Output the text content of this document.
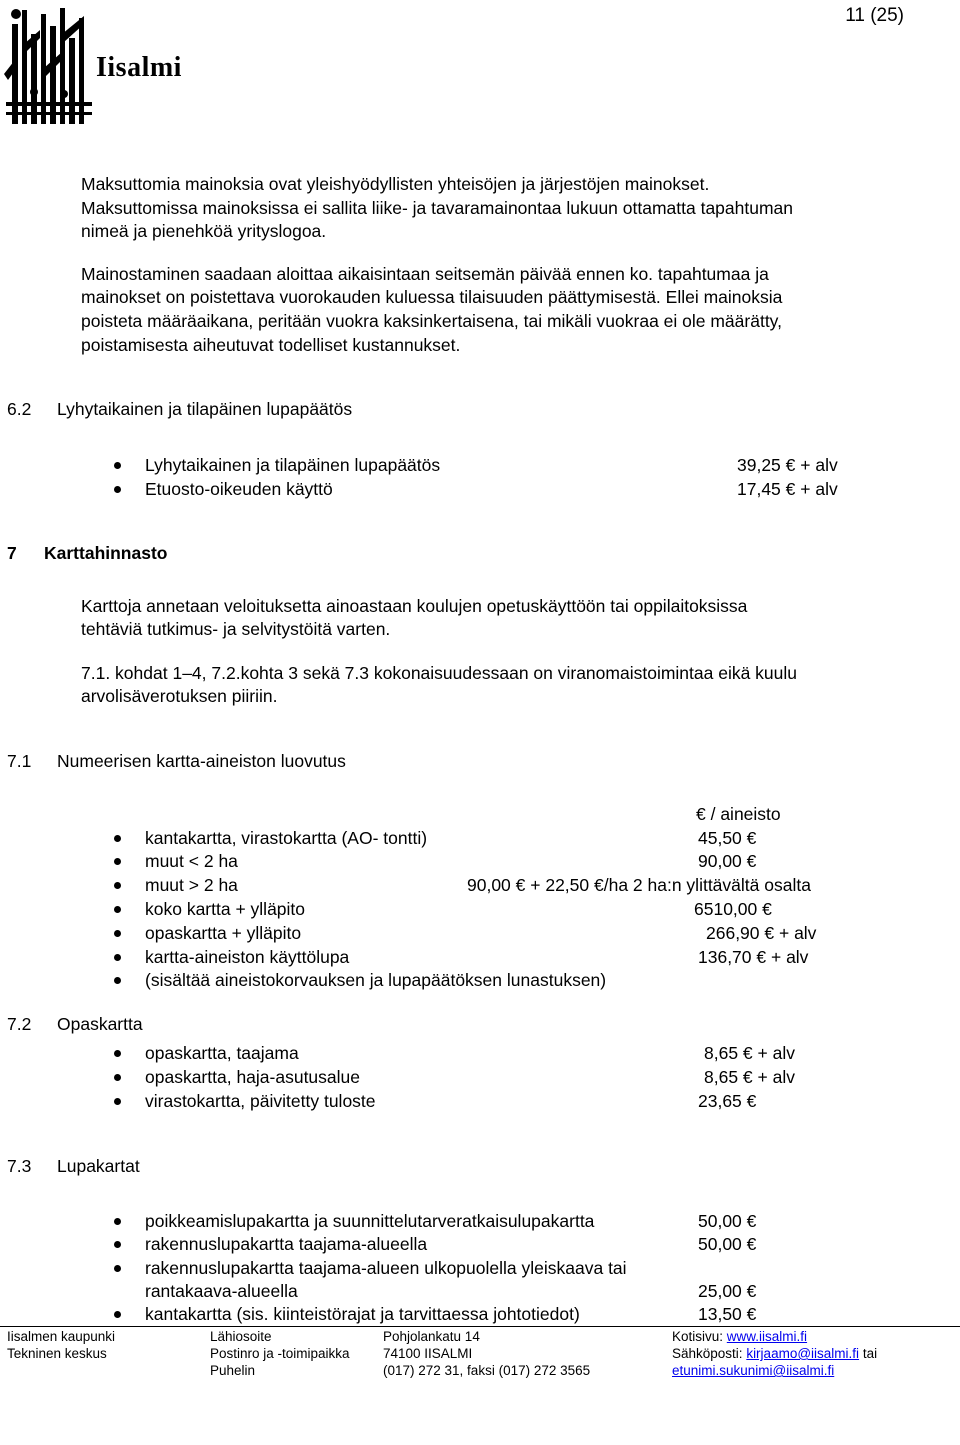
11 (25)
Iisalmi
Maksuttomia mainoksia ovat yleishyödyllisten yhteisöjen ja järjestöjen mainokset.
Maksuttomissa mainoksissa ei sallita liike- ja tavaramainontaa lukuun ottamatta tapahtuman
nimeä ja pienehköä yrityslogoa.
Mainostaminen saadaan aloittaa aikaisintaan seitsemän päivää ennen ko. tapahtumaa ja
mainokset on poistettava vuorokauden kuluessa tilaisuuden päättymisestä. Ellei mainoksia
poisteta määräaikana, peritään vuokra kaksinkertaisena, tai mikäli vuokraa ei ole määrätty,
poistamisesta aiheutuvat todelliset kustannukset.
6.2 Lyhytaikainen ja tilapäinen lupapäätös
Lyhytaikainen ja tilapäinen lupapäätös	39,25 € + alv
Etuosto-oikeuden käyttö	17,45 € + alv
7 Karttahinnasto
Karttoja annetaan veloituksetta ainoastaan koulujen opetuskäyttöön tai oppilaitoksissa
tehtäviä tutkimus- ja selvitystöitä varten.
7.1. kohdat 1–4, 7.2.kohta 3 sekä 7.3 kokonaisuudessaan on viranomaistoimintaa eikä kuulu
arvolisäverotuksen piiriin.
7.1 Numeerisen kartta-aineiston luovutus
€ / aineisto
kantakartta, virastokartta (AO- tontti)	45,50 €
muut < 2 ha	90,00 €
muut > 2 ha	90,00 € + 22,50 €/ha 2 ha:n ylittävältä osalta
koko kartta + ylläpito	6510,00 €
opaskartta + ylläpito	266,90 € + alv
kartta-aineiston käyttölupa	136,70 € + alv
(sisältää aineistokorvauksen ja lupapäätöksen lunastuksen)
7.2 Opaskartta
opaskartta, taajama	8,65 € + alv
opaskartta, haja-asutusalue	8,65 € + alv
virastokartta, päivitetty tuloste	23,65 €
7.3 Lupakartat
poikkeamislupakartta ja suunnittelutarveratkaisulupakartta	50,00 €
rakennuslupakartta taajama-alueella	50,00 €
rakennuslupakartta taajama-alueen ulkopuolella yleiskaava tai
rantakaava-alueella	25,00 €
kantakartta (sis. kiinteistörajat ja tarvittaessa johtotiedot)	13,50 €
Iisalmen kaupunki
Tekninen keskus
Lähiosoite
Postinro ja -toimipaikka
Puhelin
Pohjolankatu 14
74100 IISALMI
(017) 272 31, faksi (017) 272 3565
Kotisivu: www.iisalmi.fi
Sähköposti: kirjaamo@iisalmi.fi tai
etunimi.sukunimi@iisalmi.fi
